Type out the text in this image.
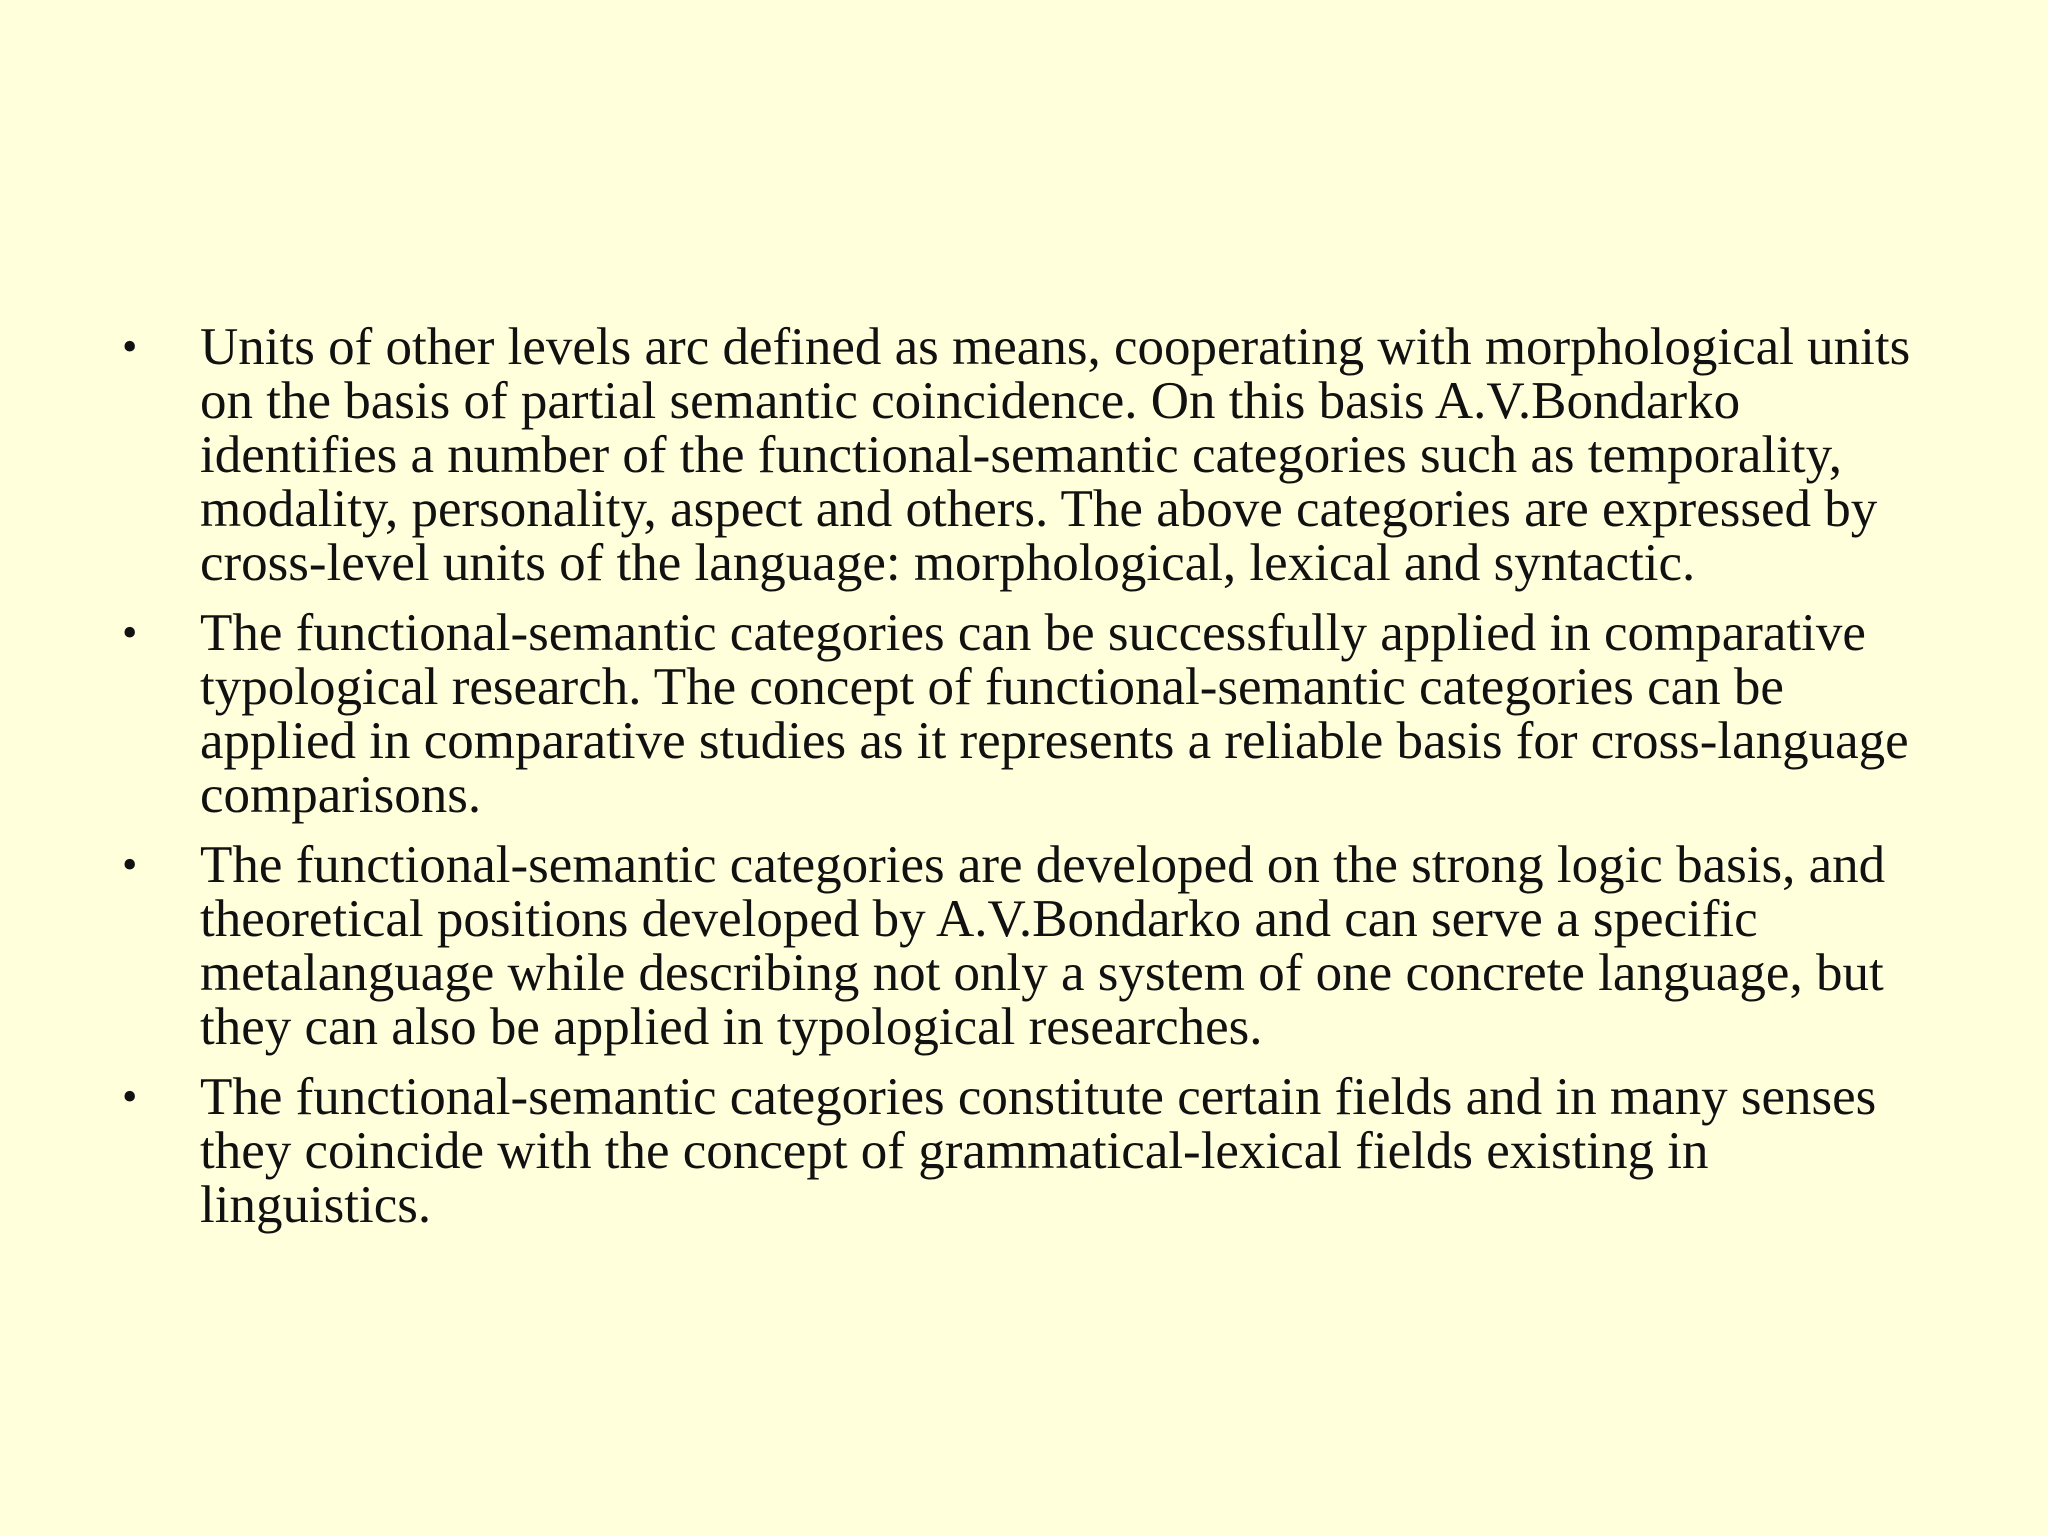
•	Units of other levels arc defined as means, cooperating with morphological units on the basis of partial semantic coincidence. On this basis A.V.Bondarko identifies a number of the functional-semantic categories such as temporality, modality, personality, aspect and others. The above categories are expressed by cross-level units of the language: morphological, lexical and syntactic.
•	The functional-semantic categories can be successfully applied in comparative typological research. The concept of functional-semantic categories can be applied in comparative studies as it represents a reliable basis for cross-language comparisons.
•	The functional-semantic categories are developed on the strong logic basis, and theoretical positions developed by A.V.Bondarko and can serve a specific metalanguage while describing not only a system of one concrete language, but they can also be applied in typological researches.
•	The functional-semantic categories constitute certain fields and in many senses they coincide with the concept of grammatical-lexical fields existing in linguistics.
